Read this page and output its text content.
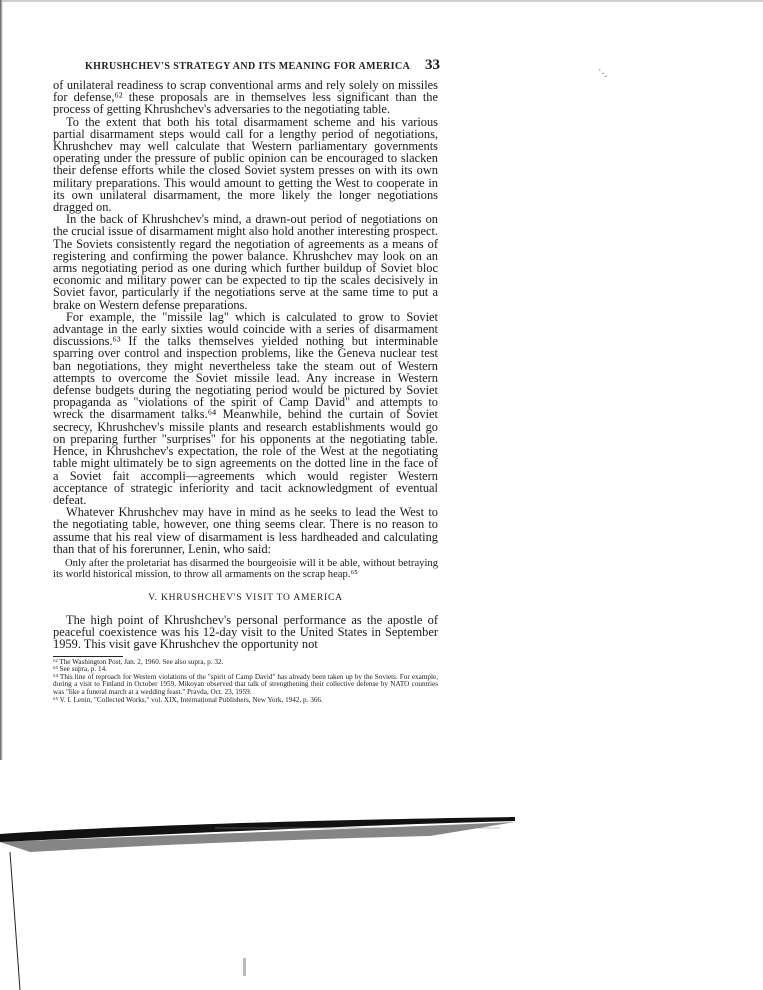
KHRUSHCHEV'S STRATEGY AND ITS MEANING FOR AMERICA 33
ˋ·.

of unilateral readiness to scrap conventional arms and rely solely on missiles for defense,⁶² these proposals are in themselves less significant than the process of getting Khrushchev's adversaries to the negotiating table.

To the extent that both his total disarmament scheme and his various partial disarmament steps would call for a lengthy period of negotiations, Khrushchev may well calculate that Western parliamentary governments operating under the pressure of public opinion can be encouraged to slacken their defense efforts while the closed Soviet system presses on with its own military preparations. This would amount to getting the West to cooperate in its own unilateral disarmament, the more likely the longer negotiations dragged on.

In the back of Khrushchev's mind, a drawn-out period of negotiations on the crucial issue of disarmament might also hold another interesting prospect. The Soviets consistently regard the negotiation of agreements as a means of registering and confirming the power balance. Khrushchev may look on an arms negotiating period as one during which further buildup of Soviet bloc economic and military power can be expected to tip the scales decisively in Soviet favor, particularly if the negotiations serve at the same time to put a brake on Western defense preparations.

For example, the "missile lag" which is calculated to grow to Soviet advantage in the early sixties would coincide with a series of disarmament discussions.⁶³ If the talks themselves yielded nothing but interminable sparring over control and inspection problems, like the Geneva nuclear test ban negotiations, they might nevertheless take the steam out of Western attempts to overcome the Soviet missile lead. Any increase in Western defense budgets during the negotiating period would be pictured by Soviet propaganda as "violations of the spirit of Camp David" and attempts to wreck the disarmament talks.⁶⁴ Meanwhile, behind the curtain of Soviet secrecy, Khrushchev's missile plants and research establishments would go on preparing further "surprises" for his opponents at the negotiating table. Hence, in Khrushchev's expectation, the role of the West at the negotiating table might ultimately be to sign agreements on the dotted line in the face of a Soviet fait accompli—agreements which would register Western acceptance of strategic inferiority and tacit acknowledgment of eventual defeat.

Whatever Khrushchev may have in mind as he seeks to lead the West to the negotiating table, however, one thing seems clear. There is no reason to assume that his real view of disarmament is less hardheaded and calculating than that of his forerunner, Lenin, who said:

Only after the proletariat has disarmed the bourgeoisie will it be able, without betraying its world historical mission, to throw all armaments on the scrap heap.⁶⁵

V. KHRUSHCHEV'S VISIT TO AMERICA

The high point of Khrushchev's personal performance as the apostle of peaceful coexistence was his 12-day visit to the United States in September 1959. This visit gave Khrushchev the opportunity not

⁶² The Washington Post, Jan. 2, 1960. See also supra, p. 32.

⁶³ See supra, p. 14.

⁶⁴ This line of reproach for Western violations of the "spirit of Camp David" has already been taken up by the Soviets. For example, during a visit to Finland in October 1959, Mikoyan observed that talk of strengthening their collective defense by NATO countries was "like a funeral march at a wedding feast." Pravda, Oct. 23, 1959.

⁶⁵ V. I. Lenin, "Collected Works," vol. XIX, International Publishers, New York, 1942, p. 366.
